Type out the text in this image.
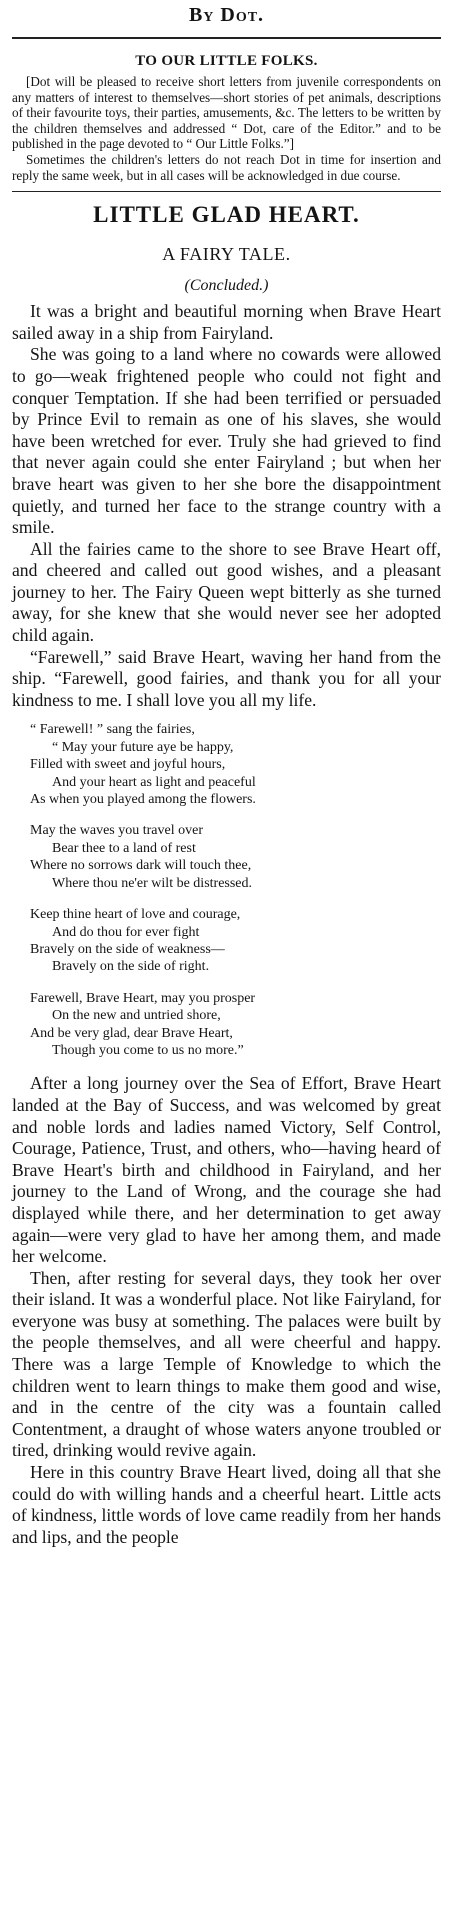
By Dot.
TO OUR LITTLE FOLKS.

[Dot will be pleased to receive short letters from juvenile correspondents on any matters of interest to themselves—short stories of pet animals, descriptions of their favourite toys, their parties, amusements, &c. The letters to be written by the children themselves and addressed “ Dot, care of the Editor.” and to be published in the page devoted to “ Our Little Folks.”]

Sometimes the children's letters do not reach Dot in time for insertion and reply the same week, but in all cases will be acknowledged in due course.

LITTLE GLAD HEART.
A FAIRY TALE.
(Concluded.)

It was a bright and beautiful morning when Brave Heart sailed away in a ship from Fairyland.

She was going to a land where no cowards were allowed to go—weak frightened people who could not fight and conquer Temptation. If she had been terrified or persuaded by Prince Evil to remain as one of his slaves, she would have been wretched for ever. Truly she had grieved to find that never again could she enter Fairyland ; but when her brave heart was given to her she bore the disappointment quietly, and turned her face to the strange country with a smile.

All the fairies came to the shore to see Brave Heart off, and cheered and called out good wishes, and a pleasant journey to her. The Fairy Queen wept bitterly as she turned away, for she knew that she would never see her adopted child again.

“Farewell,” said Brave Heart, waving her hand from the ship. “Farewell, good fairies, and thank you for all your kindness to me. I shall love you all my life.

“ Farewell! ” sang the fairies,
“ May your future aye be happy,
Filled with sweet and joyful hours,
And your heart as light and peaceful
As when you played among the flowers.
May the waves you travel over
Bear thee to a land of rest
Where no sorrows dark will touch thee,
Where thou ne'er wilt be distressed.
Keep thine heart of love and courage,
And do thou for ever fight
Bravely on the side of weakness—
Bravely on the side of right.
Farewell, Brave Heart, may you prosper
On the new and untried shore,
And be very glad, dear Brave Heart,
Though you come to us no more.”

After a long journey over the Sea of Effort, Brave Heart landed at the Bay of Success, and was welcomed by great and noble lords and ladies named Victory, Self Control, Courage, Patience, Trust, and others, who—having heard of Brave Heart's birth and childhood in Fairyland, and her journey to the Land of Wrong, and the courage she had displayed while there, and her determination to get away again—were very glad to have her among them, and made her welcome.

Then, after resting for several days, they took her over their island. It was a wonderful place. Not like Fairyland, for everyone was busy at something. The palaces were built by the people themselves, and all were cheerful and happy. There was a large Temple of Knowledge to which the children went to learn things to make them good and wise, and in the centre of the city was a fountain called Contentment, a draught of whose waters anyone troubled or tired, drinking would revive again.

Here in this country Brave Heart lived, doing all that she could do with willing hands and a cheerful heart. Little acts of kindness, little words of love came readily from her hands and lips, and the people
